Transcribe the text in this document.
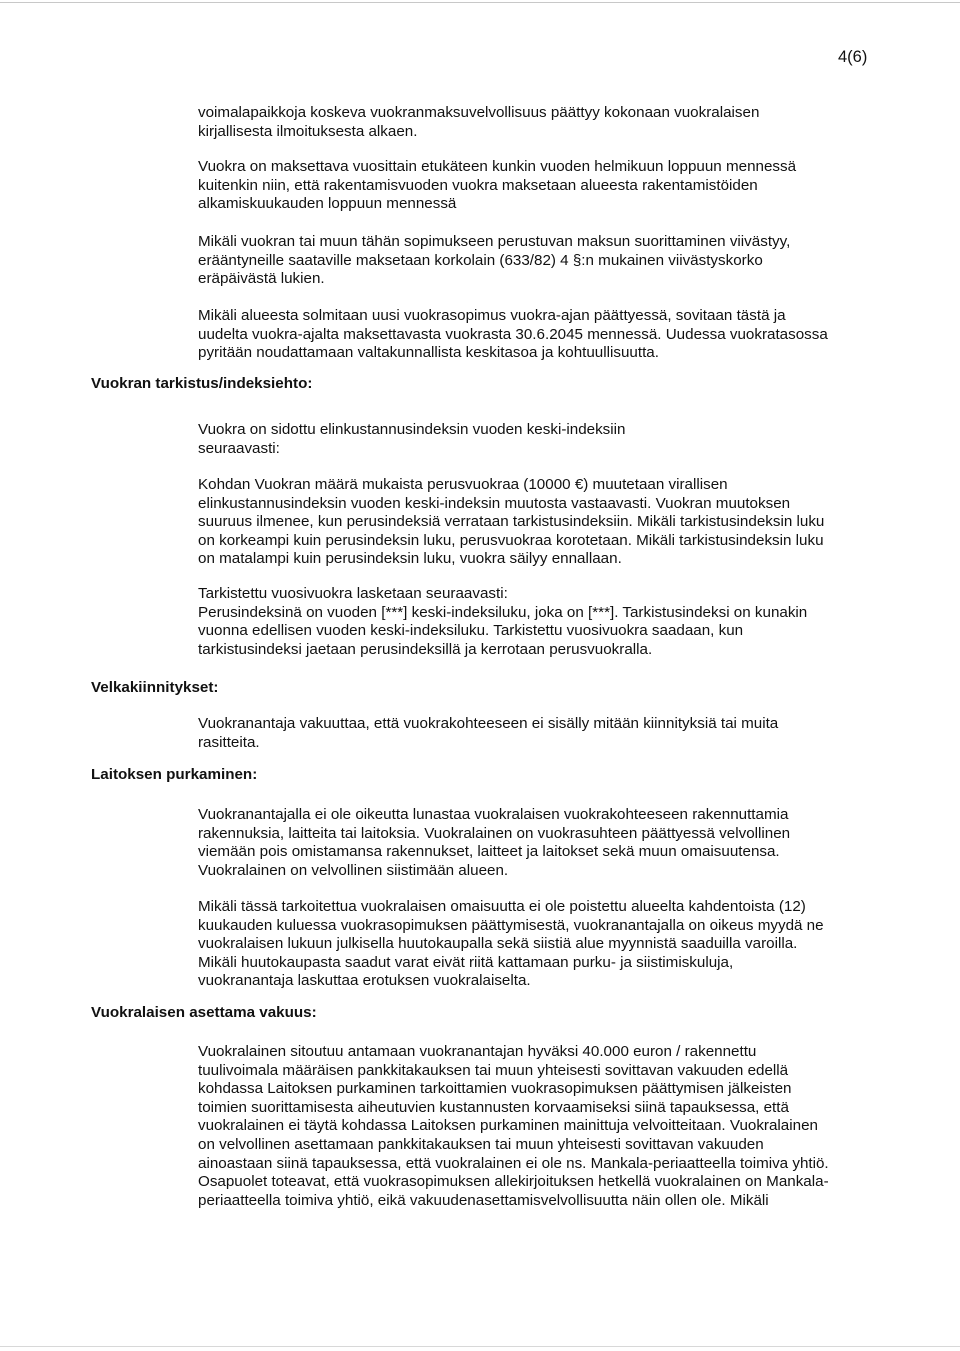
4(6)

voimalapaikkoja koskeva vuokranmaksuvelvollisuus päättyy kokonaan vuokralaisen

kirjallisesta ilmoituksesta alkaen.

Vuokra on maksettava vuosittain etukäteen kunkin vuoden helmikuun loppuun mennessä

kuitenkin niin, että rakentamisvuoden vuokra maksetaan alueesta rakentamistöiden

alkamiskuukauden loppuun mennessä

Mikäli vuokran tai muun tähän sopimukseen perustuvan maksun suorittaminen viivästyy,

erääntyneille saataville maksetaan korkolain (633/82) 4 §:n mukainen viivästyskorko

eräpäivästä lukien.

Mikäli alueesta solmitaan uusi vuokrasopimus vuokra-ajan päättyessä, sovitaan tästä ja

uudelta vuokra-ajalta maksettavasta vuokrasta 30.6.2045 mennessä. Uudessa vuokratasossa

pyritään noudattamaan valtakunnallista keskitasoa ja kohtuullisuutta.

Vuokran tarkistus/indeksiehto:

Vuokra on sidottu elinkustannusindeksin vuoden keski-indeksiin

seuraavasti:

Kohdan Vuokran määrä mukaista perusvuokraa (10000 €) muutetaan virallisen

elinkustannusindeksin vuoden keski-indeksin muutosta vastaavasti. Vuokran muutoksen

suuruus ilmenee, kun perusindeksiä verrataan tarkistusindeksiin. Mikäli tarkistusindeksin luku

on korkeampi kuin perusindeksin luku, perusvuokraa korotetaan. Mikäli tarkistusindeksin luku

on matalampi kuin perusindeksin luku, vuokra säilyy ennallaan.

Tarkistettu vuosivuokra lasketaan seuraavasti:

Perusindeksinä on vuoden [***] keski-indeksiluku, joka on [***]. Tarkistusindeksi on kunakin

vuonna edellisen vuoden keski-indeksiluku. Tarkistettu vuosivuokra saadaan, kun

tarkistusindeksi jaetaan perusindeksillä ja kerrotaan perusvuokralla.

Velkakiinnitykset:

Vuokranantaja vakuuttaa, että vuokrakohteeseen ei sisälly mitään kiinnityksiä tai muita

rasitteita.

Laitoksen purkaminen:

Vuokranantajalla ei ole oikeutta lunastaa vuokralaisen vuokrakohteeseen rakennuttamia

rakennuksia, laitteita tai laitoksia. Vuokralainen on vuokrasuhteen päättyessä velvollinen

viemään pois omistamansa rakennukset, laitteet ja laitokset sekä muun omaisuutensa.

Vuokralainen on velvollinen siistimään alueen.

Mikäli tässä tarkoitettua vuokralaisen omaisuutta ei ole poistettu alueelta kahdentoista (12)

kuukauden kuluessa vuokrasopimuksen päättymisestä, vuokranantajalla on oikeus myydä ne

vuokralaisen lukuun julkisella huutokaupalla sekä siistiä alue myynnistä saaduilla varoilla.

Mikäli huutokaupasta saadut varat eivät riitä kattamaan purku- ja siistimiskuluja,

vuokranantaja laskuttaa erotuksen vuokralaiselta.

Vuokralaisen asettama vakuus:

Vuokralainen sitoutuu antamaan vuokranantajan hyväksi 40.000 euron / rakennettu

tuulivoimala määräisen pankkitakauksen tai muun yhteisesti sovittavan vakuuden edellä

kohdassa Laitoksen purkaminen tarkoittamien vuokrasopimuksen päättymisen jälkeisten

toimien suorittamisesta aiheutuvien kustannusten korvaamiseksi siinä tapauksessa, että

vuokralainen ei täytä kohdassa Laitoksen purkaminen mainittuja velvoitteitaan. Vuokralainen

on velvollinen asettamaan pankkitakauksen tai muun yhteisesti sovittavan vakuuden

ainoastaan siinä tapauksessa, että vuokralainen ei ole ns. Mankala-periaatteella toimiva yhtiö.

Osapuolet toteavat, että vuokrasopimuksen allekirjoituksen hetkellä vuokralainen on Mankala-

periaatteella toimiva yhtiö, eikä vakuudenasettamisvelvollisuutta näin ollen ole. Mikäli
